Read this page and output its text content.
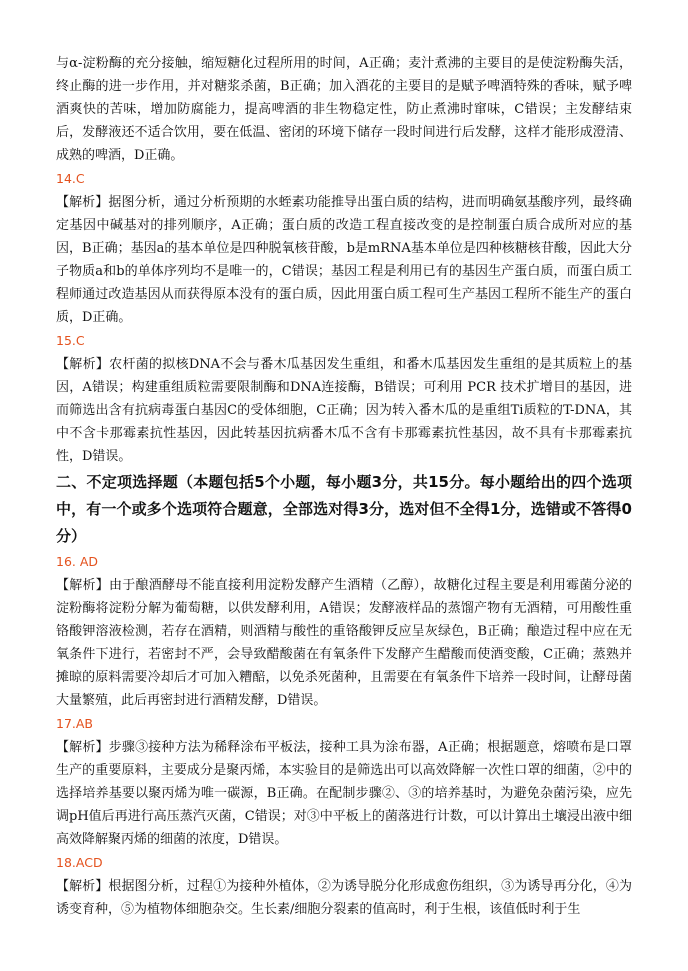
与α-淀粉酶的充分接触，缩短糖化过程所用的时间，A正确；麦汁煮沸的主要目的是使淀粉酶失活，终止酶的进一步作用，并对糖浆杀菌，B正确；加入酒花的主要目的是赋予啤酒特殊的香味，赋予啤酒爽快的苦味，增加防腐能力，提高啤酒的非生物稳定性，防止煮沸时窜味，C错误；主发酵结束后，发酵液还不适合饮用，要在低温、密闭的环境下储存一段时间进行后发酵，这样才能形成澄清、成熟的啤酒，D正确。

14.C

【解析】据图分析，通过分析预期的水蛭素功能推导出蛋白质的结构，进而明确氨基酸序列，最终确定基因中碱基对的排列顺序，A正确；蛋白质的改造工程直接改变的是控制蛋白质合成所对应的基因，B正确；基因a的基本单位是四种脱氧核苷酸，b是mRNA基本单位是四种核糖核苷酸，因此大分子物质a和b的单体序列均不是唯一的，C错误；基因工程是利用已有的基因生产蛋白质，而蛋白质工程师通过改造基因从而获得原本没有的蛋白质，因此用蛋白质工程可生产基因工程所不能生产的蛋白质，D正确。

15.C

【解析】农杆菌的拟核DNA不会与番木瓜基因发生重组，和番木瓜基因发生重组的是其质粒上的基因，A错误；构建重组质粒需要限制酶和DNA连接酶，B错误；可利用 PCR 技术扩增目的基因，进而筛选出含有抗病毒蛋白基因C的受体细胞，C正确；因为转入番木瓜的是重组Ti质粒的T-DNA，其中不含卡那霉素抗性基因，因此转基因抗病番木瓜不含有卡那霉素抗性基因，故不具有卡那霉素抗性，D错误。

二、不定项选择题（本题包括5个小题，每小题3分，共15分。每小题给出的四个选项中，有一个或多个选项符合题意，全部选对得3分，选对但不全得1分，选错或不答得0分）

16. AD

【解析】由于酿酒酵母不能直接利用淀粉发酵产生酒精（乙醇），故糖化过程主要是利用霉菌分泌的淀粉酶将淀粉分解为葡萄糖，以供发酵利用，A错误；发酵液样品的蒸馏产物有无酒精，可用酸性重铬酸钾溶液检测，若存在酒精，则酒精与酸性的重铬酸钾反应呈灰绿色，B正确；酿造过程中应在无氧条件下进行，若密封不严，会导致醋酸菌在有氧条件下发酵产生醋酸而使酒变酸，C正确；蒸熟并摊晾的原料需要冷却后才可加入糟醅，以免杀死菌种，且需要在有氧条件下培养一段时间，让酵母菌大量繁殖，此后再密封进行酒精发酵，D错误。

17.AB

【解析】步骤③接种方法为稀释涂布平板法，接种工具为涂布器，A正确；根据题意，熔喷布是口罩生产的重要原料，主要成分是聚丙烯，本实验目的是筛选出可以高效降解一次性口罩的细菌，②中的选择培养基要以聚丙烯为唯一碳源，B正确。在配制步骤②、③的培养基时，为避免杂菌污染，应先调pH值后再进行高压蒸汽灭菌，C错误；对③中平板上的菌落进行计数，可以计算出土壤浸出液中细高效降解聚丙烯的细菌的浓度，D错误。

18.ACD

【解析】根据图分析，过程①为接种外植体，②为诱导脱分化形成愈伤组织，③为诱导再分化，④为诱变育种，⑤为植物体细胞杂交。生长素/细胞分裂素的值高时，利于生根，该值低时利于生
